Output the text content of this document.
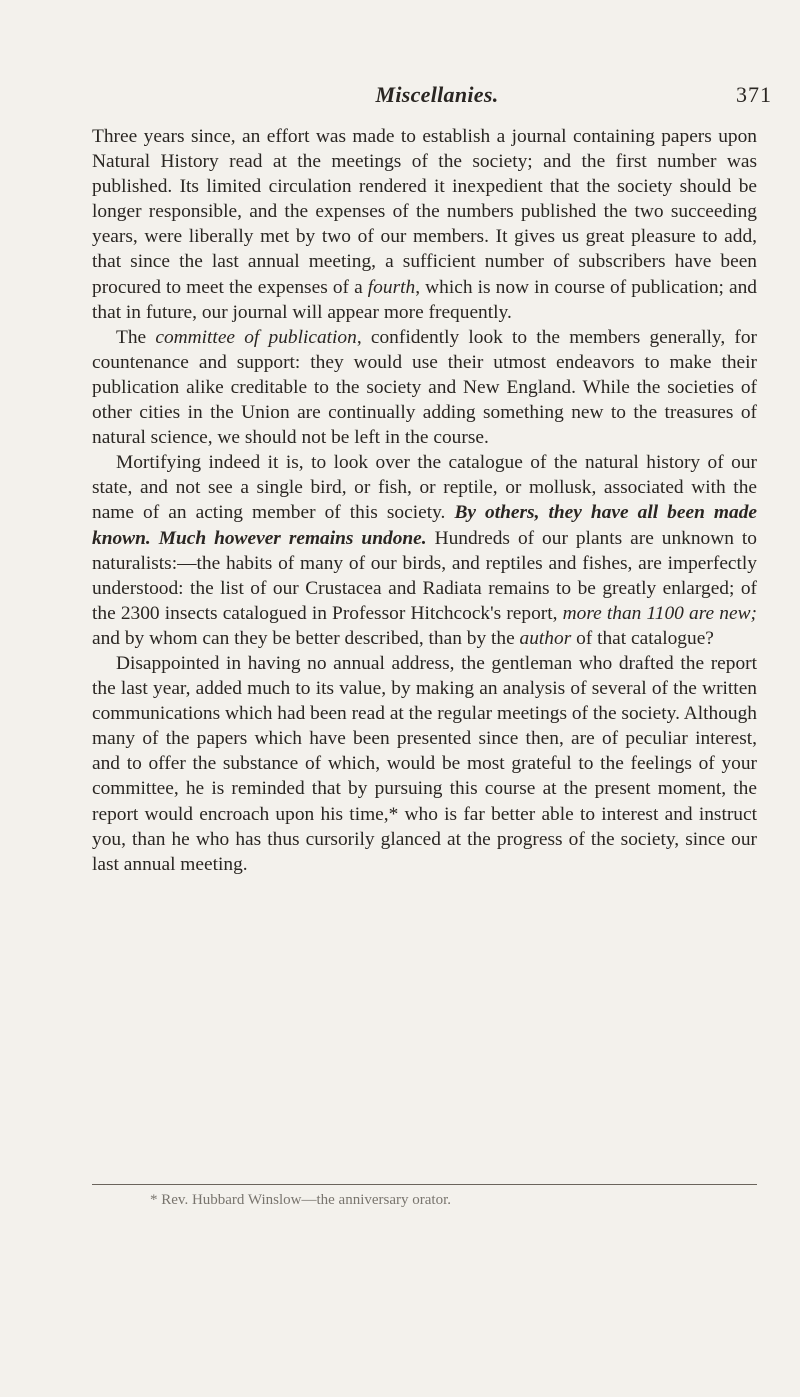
Miscellanies.	371

Three years since, an effort was made to establish a journal containing papers upon Natural History read at the meetings of the society; and the first number was published. Its limited circulation rendered it inexpedient that the society should be longer responsible, and the expenses of the numbers published the two succeeding years, were liberally met by two of our members. It gives us great pleasure to add, that since the last annual meeting, a sufficient number of subscribers have been procured to meet the expenses of a fourth, which is now in course of publication; and that in future, our journal will appear more frequently.

The committee of publication, confidently look to the members generally, for countenance and support: they would use their utmost endeavors to make their publication alike creditable to the society and New England. While the societies of other cities in the Union are continually adding something new to the treasures of natural science, we should not be left in the course.

Mortifying indeed it is, to look over the catalogue of the natural history of our state, and not see a single bird, or fish, or reptile, or mollusk, associated with the name of an acting member of this society. By others, they have all been made known. Much however remains undone. Hundreds of our plants are unknown to naturalists:—the habits of many of our birds, and reptiles and fishes, are imperfectly understood: the list of our Crustacea and Radiata remains to be greatly enlarged; of the 2300 insects catalogued in Professor Hitchcock's report, more than 1100 are new; and by whom can they be better described, than by the author of that catalogue?

Disappointed in having no annual address, the gentleman who drafted the report the last year, added much to its value, by making an analysis of several of the written communications which had been read at the regular meetings of the society. Although many of the papers which have been presented since then, are of peculiar interest, and to offer the substance of which, would be most grateful to the feelings of your committee, he is reminded that by pursuing this course at the present moment, the report would encroach upon his time,* who is far better able to interest and instruct you, than he who has thus cursorily glanced at the progress of the society, since our last annual meeting.

* Rev. Hubbard Winslow—the anniversary orator.
